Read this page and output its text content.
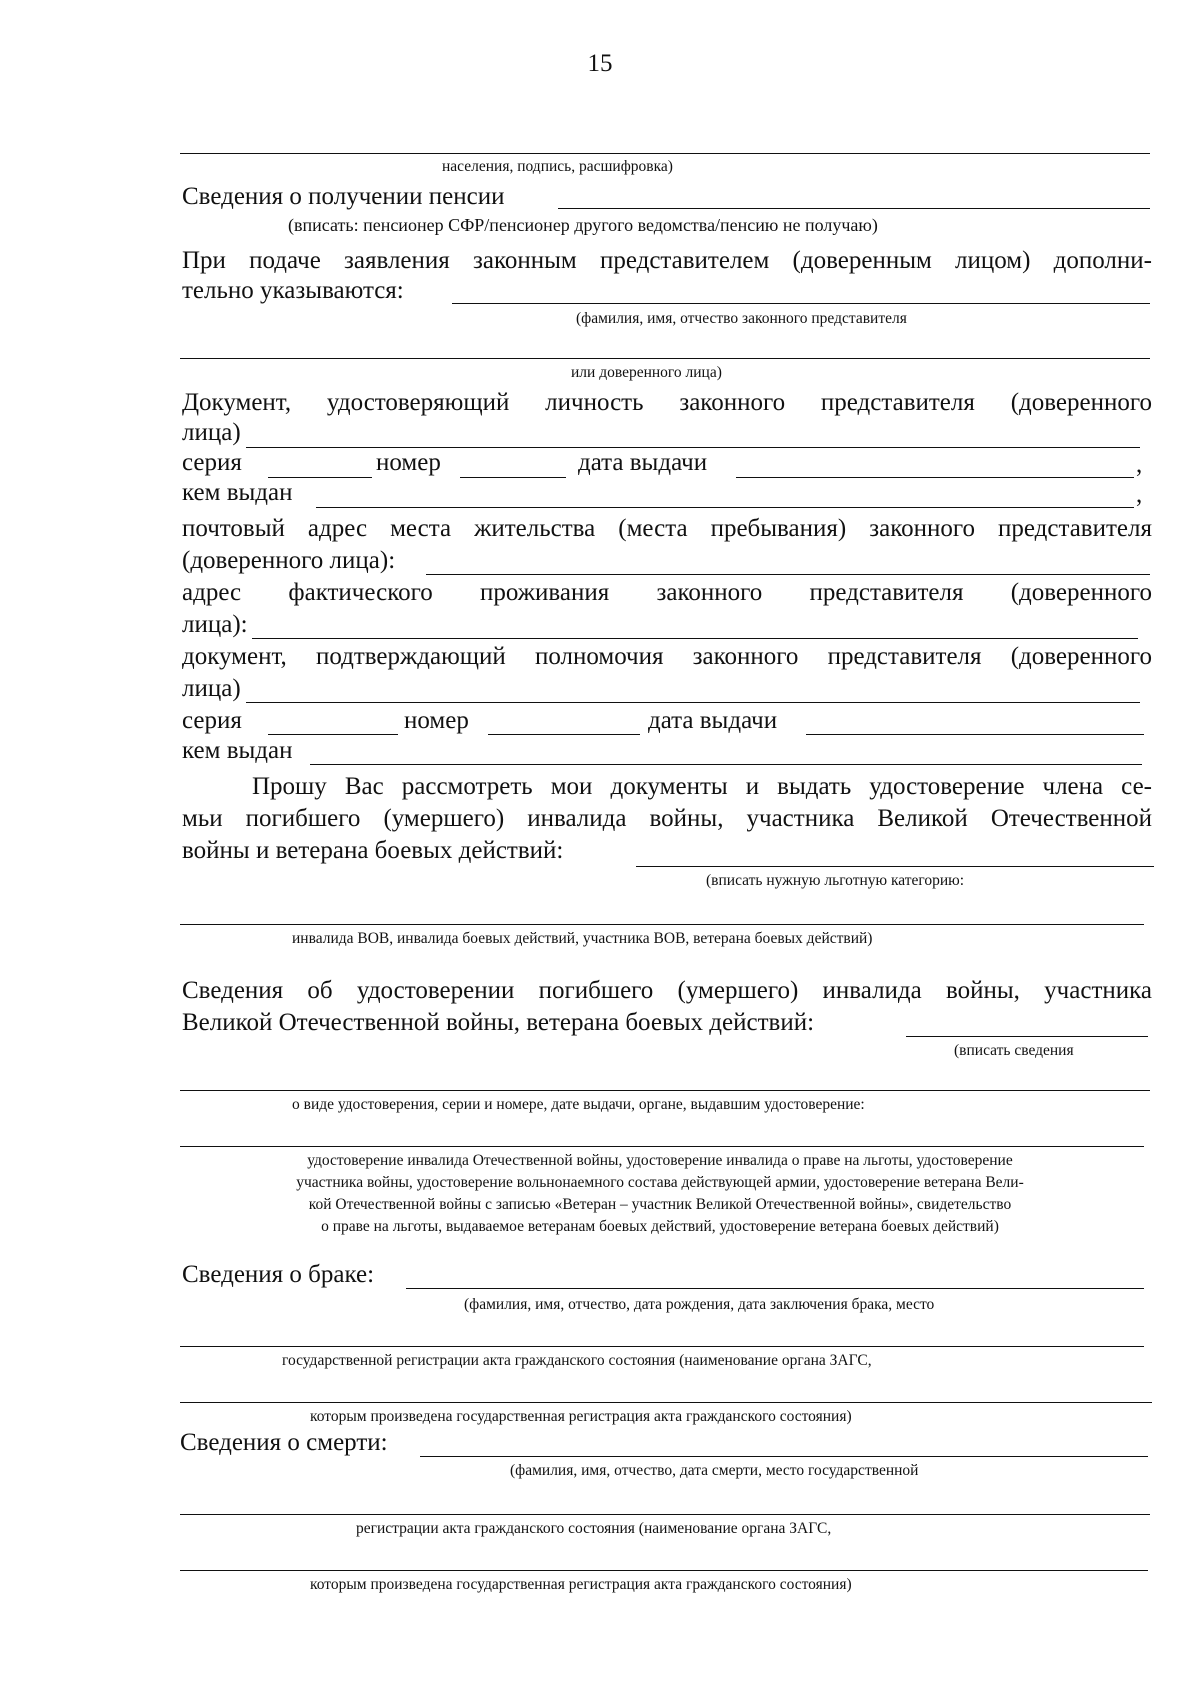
15
населения, подпись, расшифровка)
Сведения о получении пенсии
(вписать: пенсионер СФР/пенсионер другого ведомства/пенсию не получаю)
При подаче заявления законным представителем (доверенным лицом) дополни-
тельно указываются:
(фамилия, имя, отчество законного представителя
или доверенного лица)
Документ, удостоверяющий личность законного представителя (доверенного
лица)
серия	номер	дата выдачи	,
кем выдан	,
почтовый адрес места жительства (места пребывания) законного представителя
(доверенного лица):
адрес фактического проживания законного представителя (доверенного
лица):
документ, подтверждающий полномочия законного представителя (доверенного
лица)
серия	номер	дата выдачи
кем выдан
Прошу Вас рассмотреть мои документы и выдать удостоверение члена се-
мьи погибшего (умершего) инвалида войны, участника Великой Отечественной
войны и ветерана боевых действий:
(вписать нужную льготную категорию:
инвалида ВОВ, инвалида боевых действий, участника ВОВ, ветерана боевых действий)
Сведения об удостоверении погибшего (умершего) инвалида войны, участника
Великой Отечественной войны, ветерана боевых действий:
(вписать сведения
о виде удостоверения, серии и номере, дате выдачи, органе, выдавшим удостоверение:
удостоверение инвалида Отечественной войны, удостоверение инвалида о праве на льготы, удостоверение
участника войны, удостоверение вольнонаемного состава действующей армии, удостоверение ветерана Вели-
кой Отечественной войны с записью «Ветеран – участник Великой Отечественной войны», свидетельство
о праве на льготы, выдаваемое ветеранам боевых действий, удостоверение ветерана боевых действий)
Сведения о браке:
(фамилия, имя, отчество, дата рождения, дата заключения брака, место
государственной регистрации акта гражданского состояния (наименование органа ЗАГС,
которым произведена государственная регистрация акта гражданского состояния)
Сведения о смерти:
(фамилия, имя, отчество, дата смерти, место государственной
регистрации акта гражданского состояния (наименование органа ЗАГС,
которым произведена государственная регистрация акта гражданского состояния)
